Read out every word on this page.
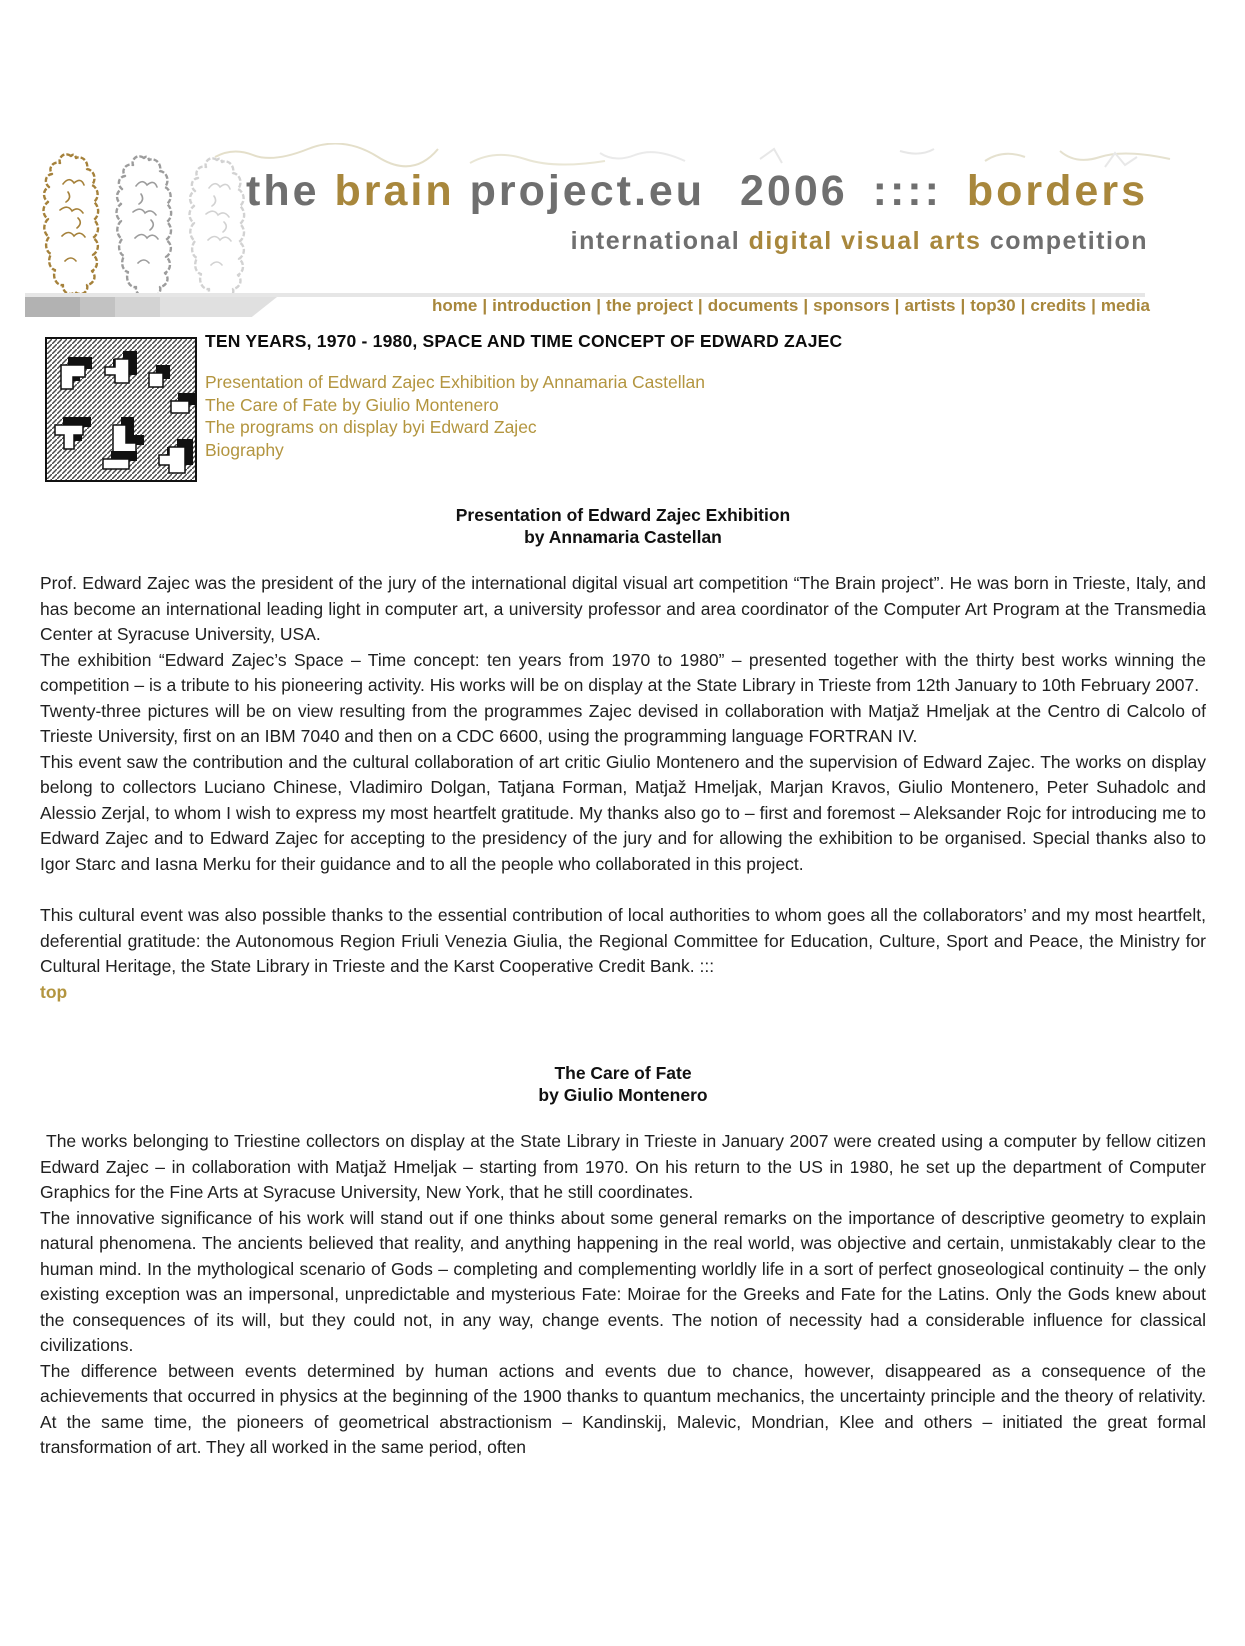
the brain project.eu 2006 :::: borders
international digital visual arts competition
home | introduction | the project | documents | sponsors | artists | top30 | credits | media
TEN YEARS, 1970 - 1980, SPACE AND TIME CONCEPT OF EDWARD ZAJEC
Presentation of Edward Zajec Exhibition by Annamaria Castellan
The Care of Fate by Giulio Montenero
The programs on display byi Edward Zajec
Biography
Presentation of Edward Zajec Exhibition
by Annamaria Castellan

Prof. Edward Zajec was the president of the jury of the international digital visual art competition “The Brain project”. He was born in Trieste, Italy, and has become an international leading light in computer art, a university professor and area coordinator of the Computer Art Program at the Transmedia Center at Syracuse University, USA.

The exhibition “Edward Zajec’s Space – Time concept: ten years from 1970 to 1980” – presented together with the thirty best works winning the competition – is a tribute to his pioneering activity. His works will be on display at the State Library in Trieste from 12th January to 10th February 2007.

Twenty-three pictures will be on view resulting from the programmes Zajec devised in collaboration with Matjaž Hmeljak at the Centro di Calcolo of Trieste University, first on an IBM 7040 and then on a CDC 6600, using the programming language FORTRAN IV.

This event saw the contribution and the cultural collaboration of art critic Giulio Montenero and the supervision of Edward Zajec. The works on display belong to collectors Luciano Chinese, Vladimiro Dolgan, Tatjana Forman, Matjaž Hmeljak, Marjan Kravos, Giulio Montenero, Peter Suhadolc and Alessio Zerjal, to whom I wish to express my most heartfelt gratitude. My thanks also go to – first and foremost – Aleksander Rojc for introducing me to Edward Zajec and to Edward Zajec for accepting to the presidency of the jury and for allowing the exhibition to be organised. Special thanks also to Igor Starc and Iasna Merku for their guidance and to all the people who collaborated in this project.

This cultural event was also possible thanks to the essential contribution of local authorities to whom goes all the collaborators’ and my most heartfelt, deferential gratitude: the Autonomous Region Friuli Venezia Giulia, the Regional Committee for Education, Culture, Sport and Peace, the Ministry for Cultural Heritage, the State Library in Trieste and the Karst Cooperative Credit Bank. :::

top
The Care of Fate
by Giulio Montenero

The works belonging to Triestine collectors on display at the State Library in Trieste in January 2007 were created using a computer by fellow citizen Edward Zajec – in collaboration with Matjaž Hmeljak – starting from 1970. On his return to the US in 1980, he set up the department of Computer Graphics for the Fine Arts at Syracuse University, New York, that he still coordinates.

The innovative significance of his work will stand out if one thinks about some general remarks on the importance of descriptive geometry to explain natural phenomena. The ancients believed that reality, and anything happening in the real world, was objective and certain, unmistakably clear to the human mind. In the mythological scenario of Gods – completing and complementing worldly life in a sort of perfect gnoseological continuity – the only existing exception was an impersonal, unpredictable and mysterious Fate: Moirae for the Greeks and Fate for the Latins. Only the Gods knew about the consequences of its will, but they could not, in any way, change events. The notion of necessity had a considerable influence for classical civilizations.

The difference between events determined by human actions and events due to chance, however, disappeared as a consequence of the achievements that occurred in physics at the beginning of the 1900 thanks to quantum mechanics, the uncertainty principle and the theory of relativity. At the same time, the pioneers of geometrical abstractionism – Kandinskij, Malevic, Mondrian, Klee and others – initiated the great formal transformation of art. They all worked in the same period, often
